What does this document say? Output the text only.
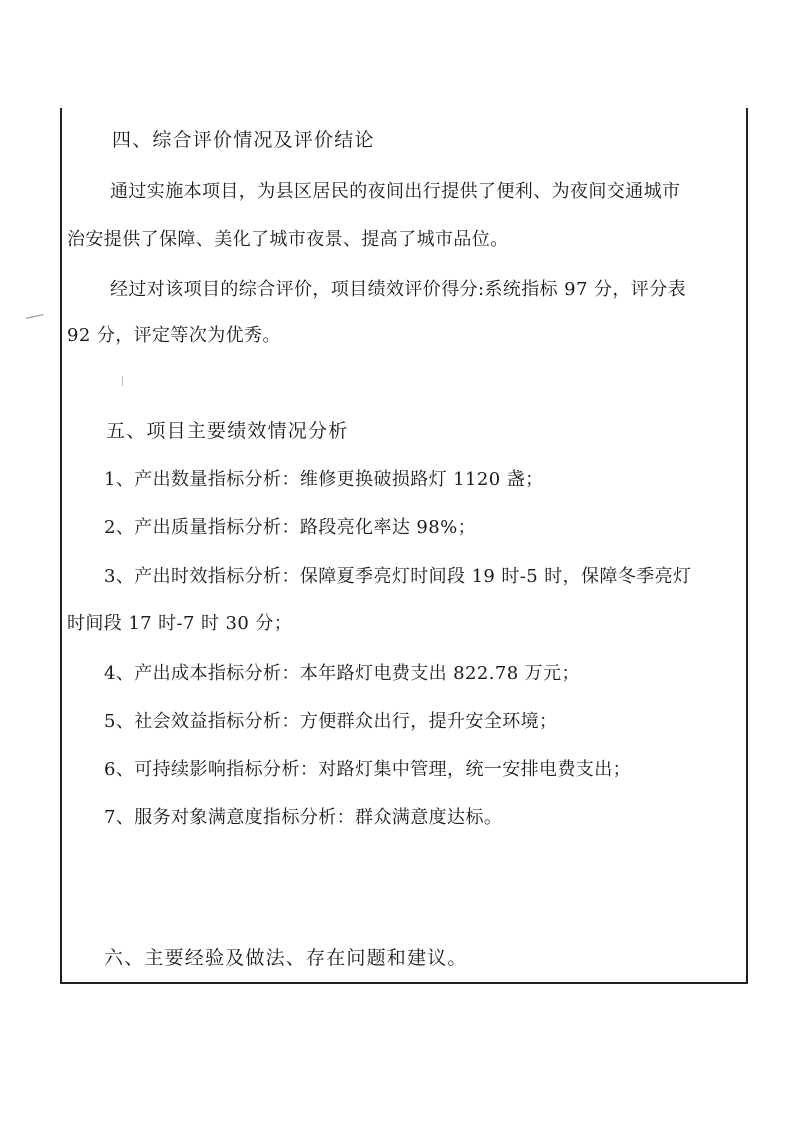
四、综合评价情况及评价结论
通过实施本项目，为县区居民的夜间出行提供了便利、为夜间交通城市
治安提供了保障、美化了城市夜景、提高了城市品位。
经过对该项目的综合评价，项目绩效评价得分:系统指标 97 分，评分表
92 分，评定等次为优秀。
五、项目主要绩效情况分析
1、产出数量指标分析：维修更换破损路灯 1120 盏；
2、产出质量指标分析：路段亮化率达 98%；
3、产出时效指标分析：保障夏季亮灯时间段 19 时-5 时，保障冬季亮灯
时间段 17 时-7 时 30 分；
4、产出成本指标分析：本年路灯电费支出 822.78 万元；
5、社会效益指标分析：方便群众出行，提升安全环境；
6、可持续影响指标分析：对路灯集中管理，统一安排电费支出；
7、服务对象满意度指标分析：群众满意度达标。
六、主要经验及做法、存在问题和建议。
